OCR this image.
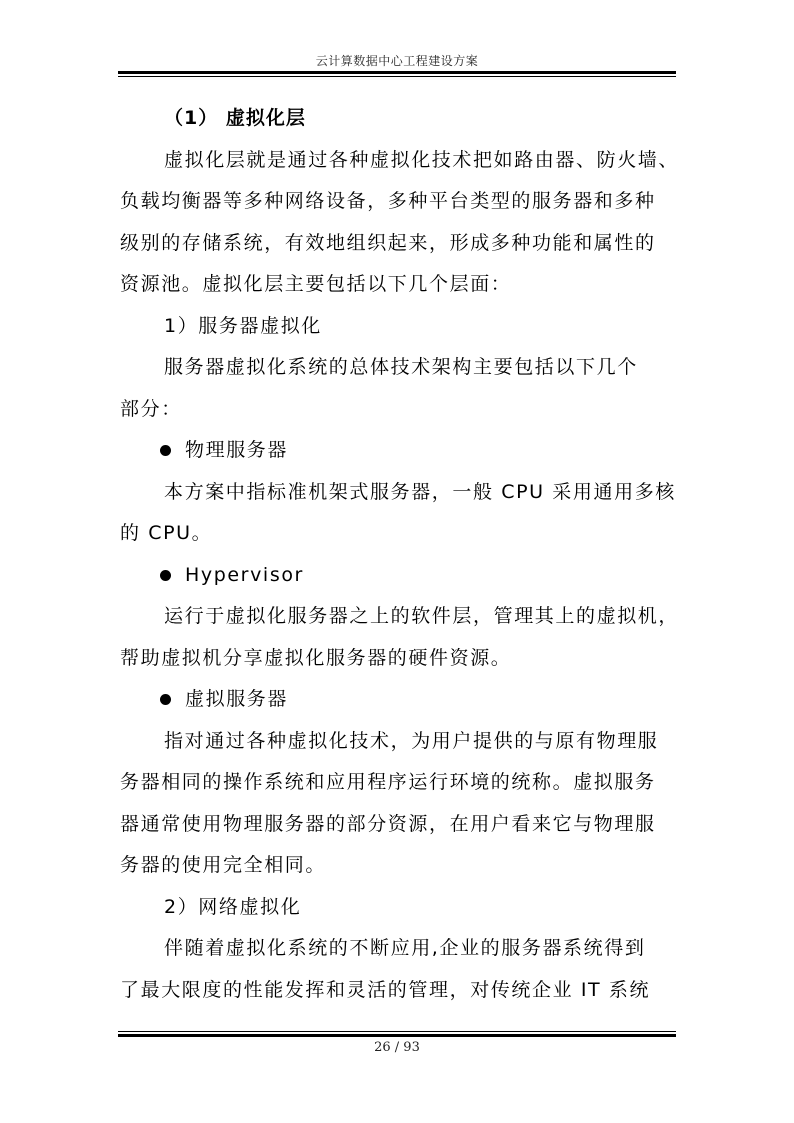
云计算数据中心工程建设方案

（1） 虚拟化层

虚拟化层就是通过各种虚拟化技术把如路由器、防火墙、

负载均衡器等多种网络设备，多种平台类型的服务器和多种

级别的存储系统，有效地组织起来，形成多种功能和属性的

资源池。虚拟化层主要包括以下几个层面：

1）服务器虚拟化

服务器虚拟化系统的总体技术架构主要包括以下几个

部分：

物理服务器

本方案中指标准机架式服务器，一般 CPU 采用通用多核

的 CPU。

Hypervisor

运行于虚拟化服务器之上的软件层，管理其上的虚拟机，

帮助虚拟机分享虚拟化服务器的硬件资源。

虚拟服务器

指对通过各种虚拟化技术，为用户提供的与原有物理服

务器相同的操作系统和应用程序运行环境的统称。虚拟服务

器通常使用物理服务器的部分资源，在用户看来它与物理服

务器的使用完全相同。

2）网络虚拟化

伴随着虚拟化系统的不断应用,企业的服务器系统得到

了最大限度的性能发挥和灵活的管理，对传统企业 IT 系统

26 / 93
